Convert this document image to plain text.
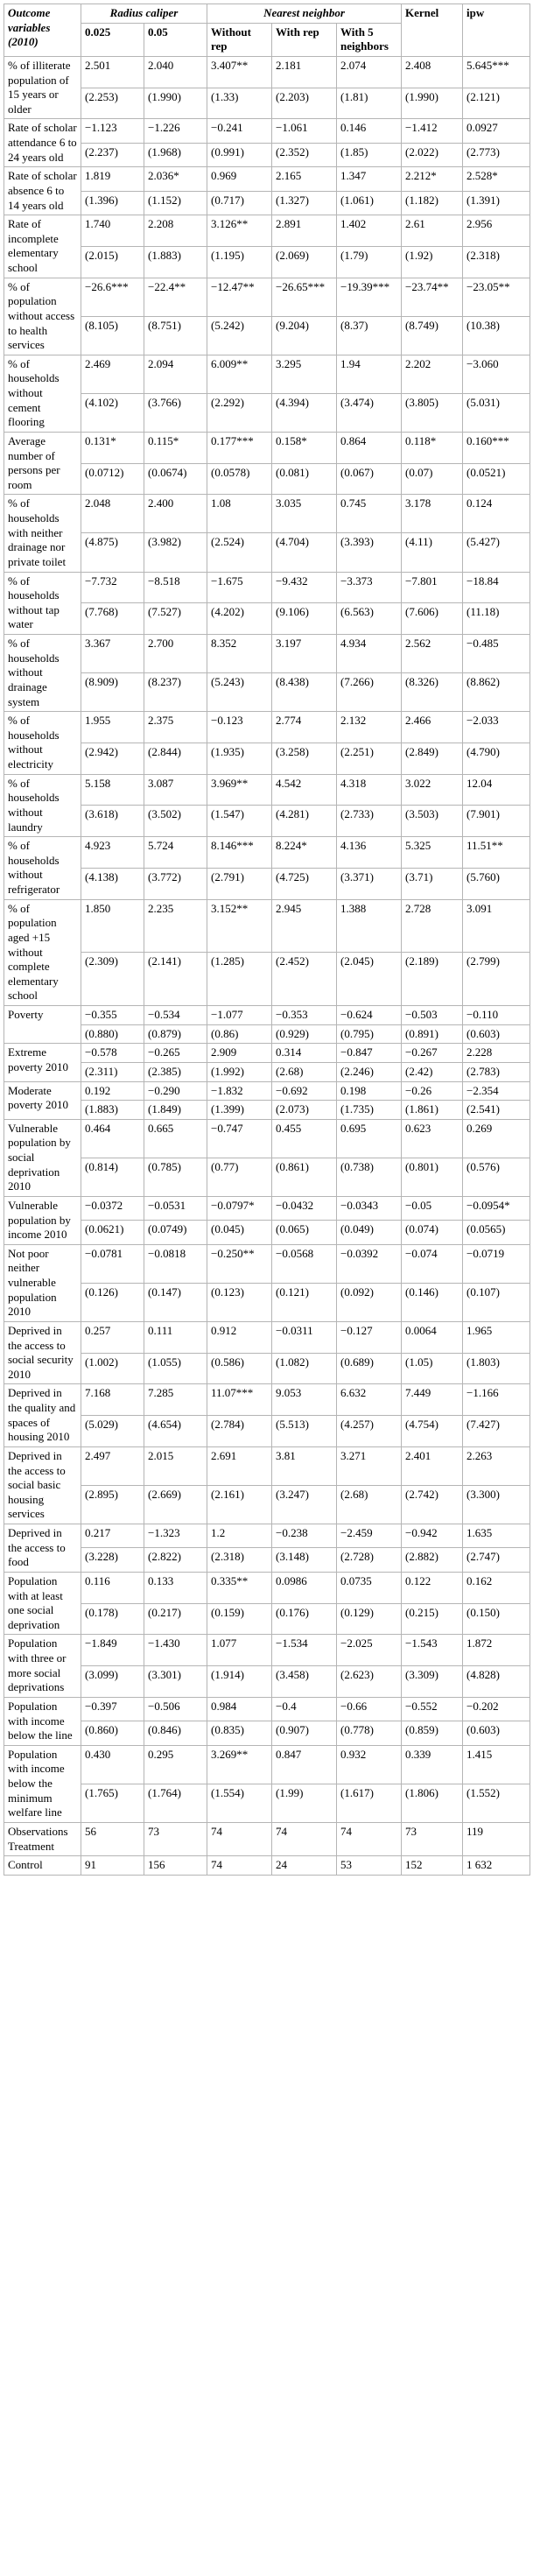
Outcome variables (2010)	Radius caliper		Nearest neighbor			Kernel	ipw
	0.025	0.05	Without rep	With rep	With 5 neighbors		
% of illiterate population of 15 years or older	2.501	2.040	3.407**	2.181	2.074	2.408	5.645***
	(2.253)	(1.990)	(1.33)	(2.203)	(1.81)	(1.990)	(2.121)
Rate of scholar attendance 6 to 24 years old	−1.123	−1.226	−0.241	−1.061	0.146	−1.412	0.0927
	(2.237)	(1.968)	(0.991)	(2.352)	(1.85)	(2.022)	(2.773)
Rate of scholar absence 6 to 14 years old	1.819	2.036*	0.969	2.165	1.347	2.212*	2.528*
	(1.396)	(1.152)	(0.717)	(1.327)	(1.061)	(1.182)	(1.391)
Rate of incomplete elementary school	1.740	2.208	3.126**	2.891	1.402	2.61	2.956
	(2.015)	(1.883)	(1.195)	(2.069)	(1.79)	(1.92)	(2.318)
% of population without access to health services	−26.6***	−22.4**	−12.47**	−26.65***	−19.39***	−23.74**	−23.05**
	(8.105)	(8.751)	(5.242)	(9.204)	(8.37)	(8.749)	(10.38)
% of households without cement flooring	2.469	2.094	6.009**	3.295	1.94	2.202	−3.060
	(4.102)	(3.766)	(2.292)	(4.394)	(3.474)	(3.805)	(5.031)
Average number of persons per room	0.131*	0.115*	0.177***	0.158*	0.864	0.118*	0.160***
	(0.0712)	(0.0674)	(0.0578)	(0.081)	(0.067)	(0.07)	(0.0521)
% of households with neither drainage nor private toilet	2.048	2.400	1.08	3.035	0.745	3.178	0.124
	(4.875)	(3.982)	(2.524)	(4.704)	(3.393)	(4.11)	(5.427)
% of households without tap water	−7.732	−8.518	−1.675	−9.432	−3.373	−7.801	−18.84
	(7.768)	(7.527)	(4.202)	(9.106)	(6.563)	(7.606)	(11.18)
% of households without drainage system	3.367	2.700	8.352	3.197	4.934	2.562	−0.485
	(8.909)	(8.237)	(5.243)	(8.438)	(7.266)	(8.326)	(8.862)
% of households without electricity	1.955	2.375	−0.123	2.774	2.132	2.466	−2.033
	(2.942)	(2.844)	(1.935)	(3.258)	(2.251)	(2.849)	(4.790)
% of households without laundry	5.158	3.087	3.969**	4.542	4.318	3.022	12.04
	(3.618)	(3.502)	(1.547)	(4.281)	(2.733)	(3.503)	(7.901)
% of households without refrigerator	4.923	5.724	8.146***	8.224*	4.136	5.325	11.51**
	(4.138)	(3.772)	(2.791)	(4.725)	(3.371)	(3.71)	(5.760)
% of population aged +15 without complete elementary school	1.850	2.235	3.152**	2.945	1.388	2.728	3.091
	(2.309)	(2.141)	(1.285)	(2.452)	(2.045)	(2.189)	(2.799)
Poverty	−0.355	−0.534	−1.077	−0.353	−0.624	−0.503	−0.110
	(0.880)	(0.879)	(0.86)	(0.929)	(0.795)	(0.891)	(0.603)
Extreme poverty 2010	−0.578	−0.265	2.909	0.314	−0.847	−0.267	2.228
	(2.311)	(2.385)	(1.992)	(2.68)	(2.246)	(2.42)	(2.783)
Moderate poverty 2010	0.192	−0.290	−1.832	−0.692	0.198	−0.26	−2.354
	(1.883)	(1.849)	(1.399)	(2.073)	(1.735)	(1.861)	(2.541)
Vulnerable population by social deprivation 2010	0.464	0.665	−0.747	0.455	0.695	0.623	0.269
	(0.814)	(0.785)	(0.77)	(0.861)	(0.738)	(0.801)	(0.576)
Vulnerable population by income 2010	−0.0372	−0.0531	−0.0797*	−0.0432	−0.0343	−0.05	−0.0954*
	(0.0621)	(0.0749)	(0.045)	(0.065)	(0.049)	(0.074)	(0.0565)
Not poor neither vulnerable population 2010	−0.0781	−0.0818	−0.250**	−0.0568	−0.0392	−0.074	−0.0719
	(0.126)	(0.147)	(0.123)	(0.121)	(0.092)	(0.146)	(0.107)
Deprived in the access to social security 2010	0.257	0.111	0.912	−0.0311	−0.127	0.0064	1.965
	(1.002)	(1.055)	(0.586)	(1.082)	(0.689)	(1.05)	(1.803)
Deprived in the quality and spaces of housing 2010	7.168	7.285	11.07***	9.053	6.632	7.449	−1.166
	(5.029)	(4.654)	(2.784)	(5.513)	(4.257)	(4.754)	(7.427)
Deprived in the access to social basic housing services	2.497	2.015	2.691	3.81	3.271	2.401	2.263
	(2.895)	(2.669)	(2.161)	(3.247)	(2.68)	(2.742)	(3.300)
Deprived in the access to food	0.217	−1.323	1.2	−0.238	−2.459	−0.942	1.635
	(3.228)	(2.822)	(2.318)	(3.148)	(2.728)	(2.882)	(2.747)
Population with at least one social deprivation	0.116	0.133	0.335**	0.0986	0.0735	0.122	0.162
	(0.178)	(0.217)	(0.159)	(0.176)	(0.129)	(0.215)	(0.150)
Population with three or more social deprivations	−1.849	−1.430	1.077	−1.534	−2.025	−1.543	1.872
	(3.099)	(3.301)	(1.914)	(3.458)	(2.623)	(3.309)	(4.828)
Population with income below the line	−0.397	−0.506	0.984	−0.4	−0.66	−0.552	−0.202
	(0.860)	(0.846)	(0.835)	(0.907)	(0.778)	(0.859)	(0.603)
Population with income below the minimum welfare line	0.430	0.295	3.269**	0.847	0.932	0.339	1.415
	(1.765)	(1.764)	(1.554)	(1.99)	(1.617)	(1.806)	(1.552)
Observations Treatment	56	73	74	74	74	73	119
Control	91	156	74	24	53	152	1 632
